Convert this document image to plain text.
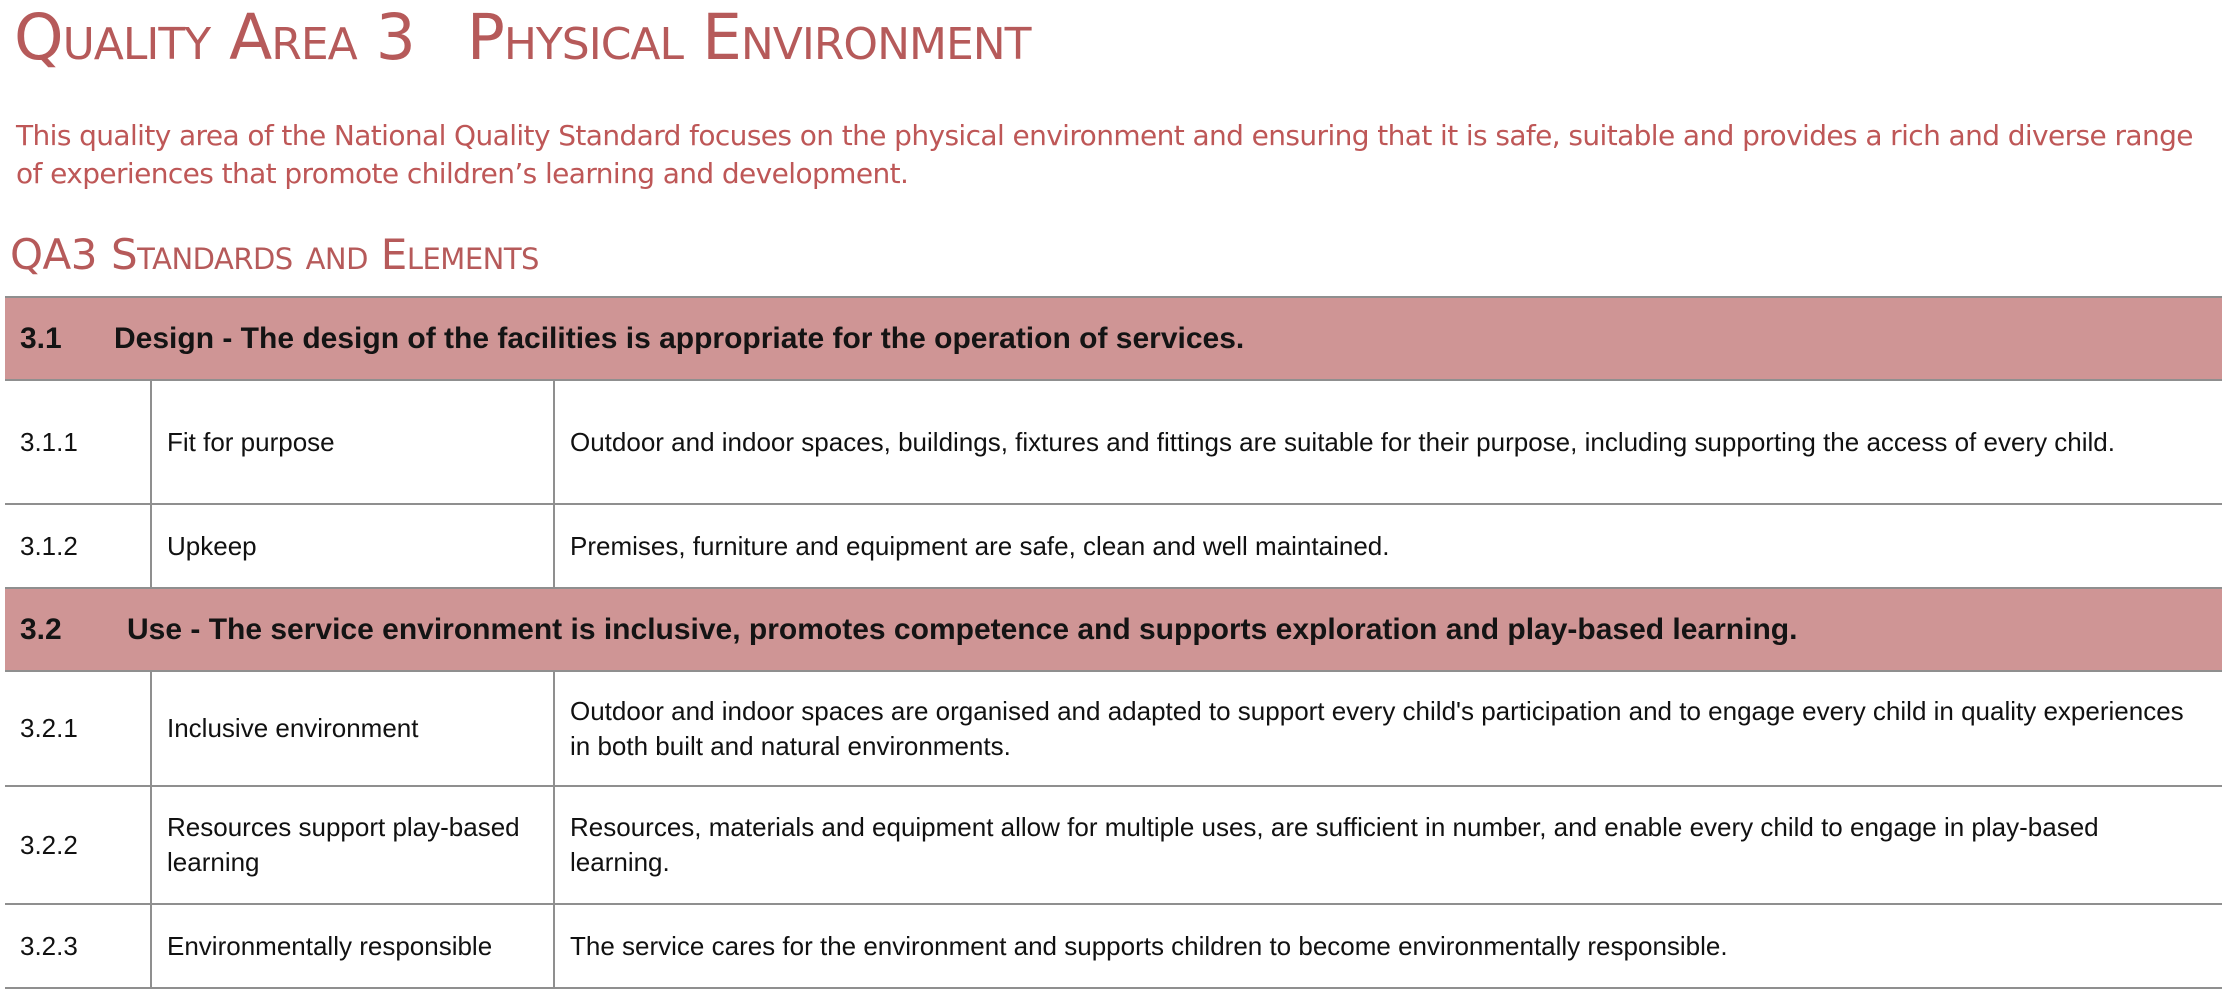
Quality Area 3 Physical Environment

This quality area of the National Quality Standard focuses on the physical environment and ensuring that it is safe, suitable and provides a rich and diverse range of experiences that promote children’s learning and development.

QA3 Standards and Elements
3.1 Design - The design of the facilities is appropriate for the operation of services.		
3.1.1	Fit for purpose	Outdoor and indoor spaces, buildings, fixtures and fittings are suitable for their purpose, including supporting the access of every child.
3.1.2	Upkeep	Premises, furniture and equipment are safe, clean and well maintained.
3.2 Use - The service environment is inclusive, promotes competence and supports exploration and play-based learning.		
3.2.1	Inclusive environment	Outdoor and indoor spaces are organised and adapted to support every child's participation and to engage every child in quality experiences in both built and natural environments.
3.2.2	Resources support play-based learning	Resources, materials and equipment allow for multiple uses, are sufficient in number, and enable every child to engage in play-based learning.
3.2.3	Environmentally responsible	The service cares for the environment and supports children to become environmentally responsible.
